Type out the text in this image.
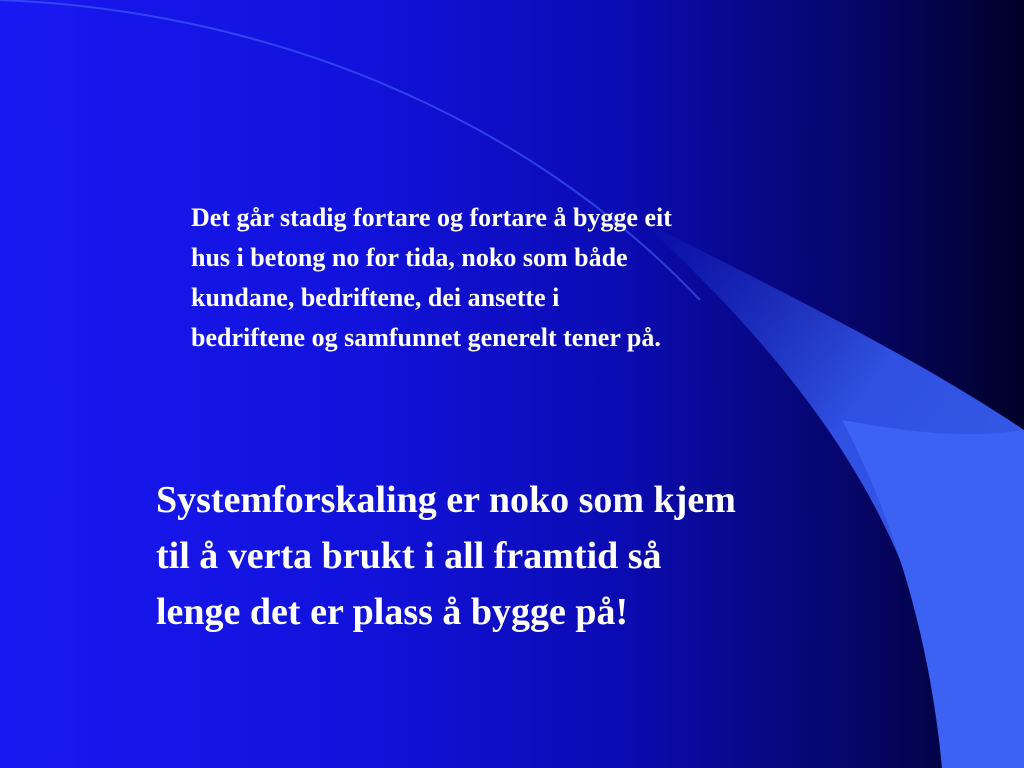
Det går stadig fortare og fortare å bygge eit
hus i betong no for tida, noko som både
kundane, bedriftene, dei ansette i
bedriftene og samfunnet generelt tener på.

Systemforskaling er noko som kjem
til å verta brukt i all framtid så
lenge det er plass å bygge på!
